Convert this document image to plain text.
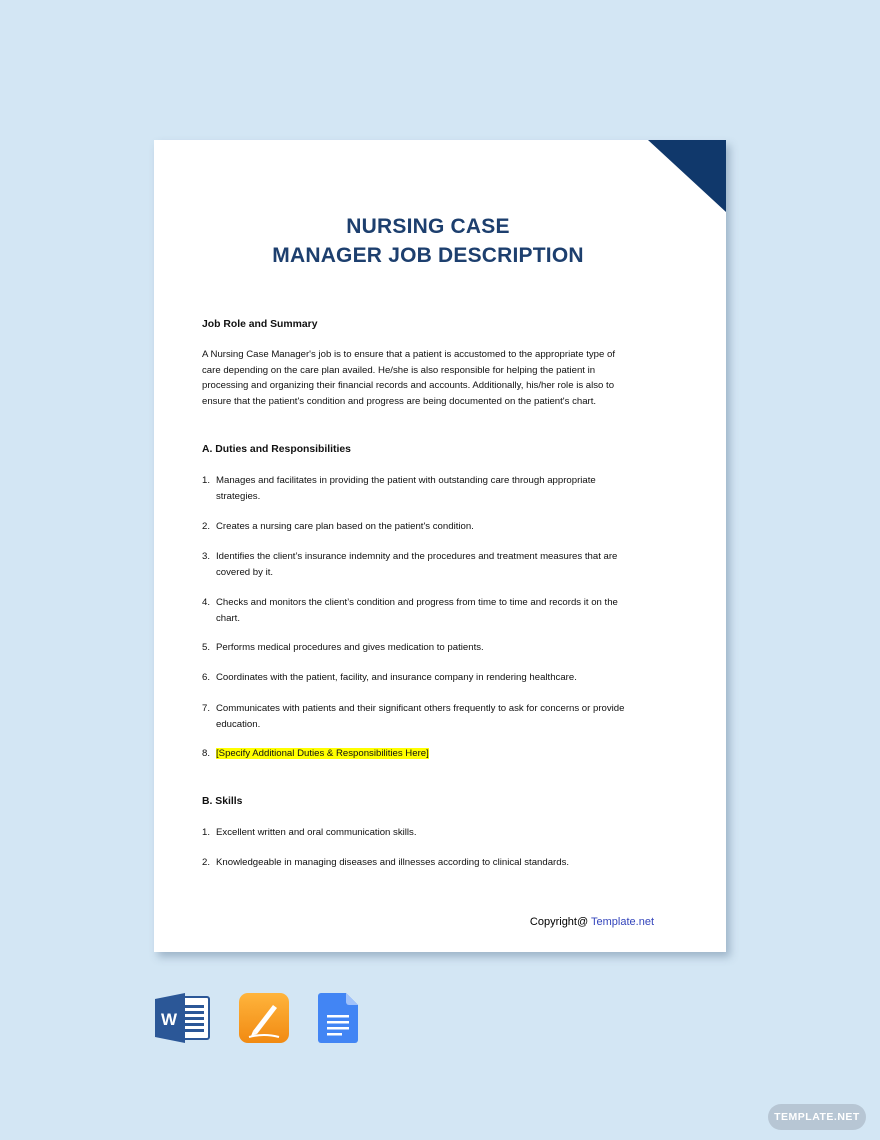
NURSING CASE
MANAGER JOB DESCRIPTION
Job Role and Summary
A Nursing Case Manager's job is to ensure that a patient is accustomed to the appropriate type of
care depending on the care plan availed. He/she is also responsible for helping the patient in
processing and organizing their financial records and accounts. Additionally, his/her role is also to
ensure that the patient's condition and progress are being documented on the patient's chart.
A. Duties and Responsibilities
1. Manages and facilitates in providing the patient with outstanding care through appropriate
strategies.
2. Creates a nursing care plan based on the patient's condition.
3. Identifies the client’s insurance indemnity and the procedures and treatment measures that are
covered by it.
4. Checks and monitors the client’s condition and progress from time to time and records it on the
chart.
5. Performs medical procedures and gives medication to patients.
6. Coordinates with the patient, facility, and insurance company in rendering healthcare.
7. Communicates with patients and their significant others frequently to ask for concerns or provide
education.
8. [Specify Additional Duties & Responsibilities Here]
B. Skills
1. Excellent written and oral communication skills.
2. Knowledgeable in managing diseases and illnesses according to clinical standards.
Copyright@ Template.net
W
TEMPLATE.NET
